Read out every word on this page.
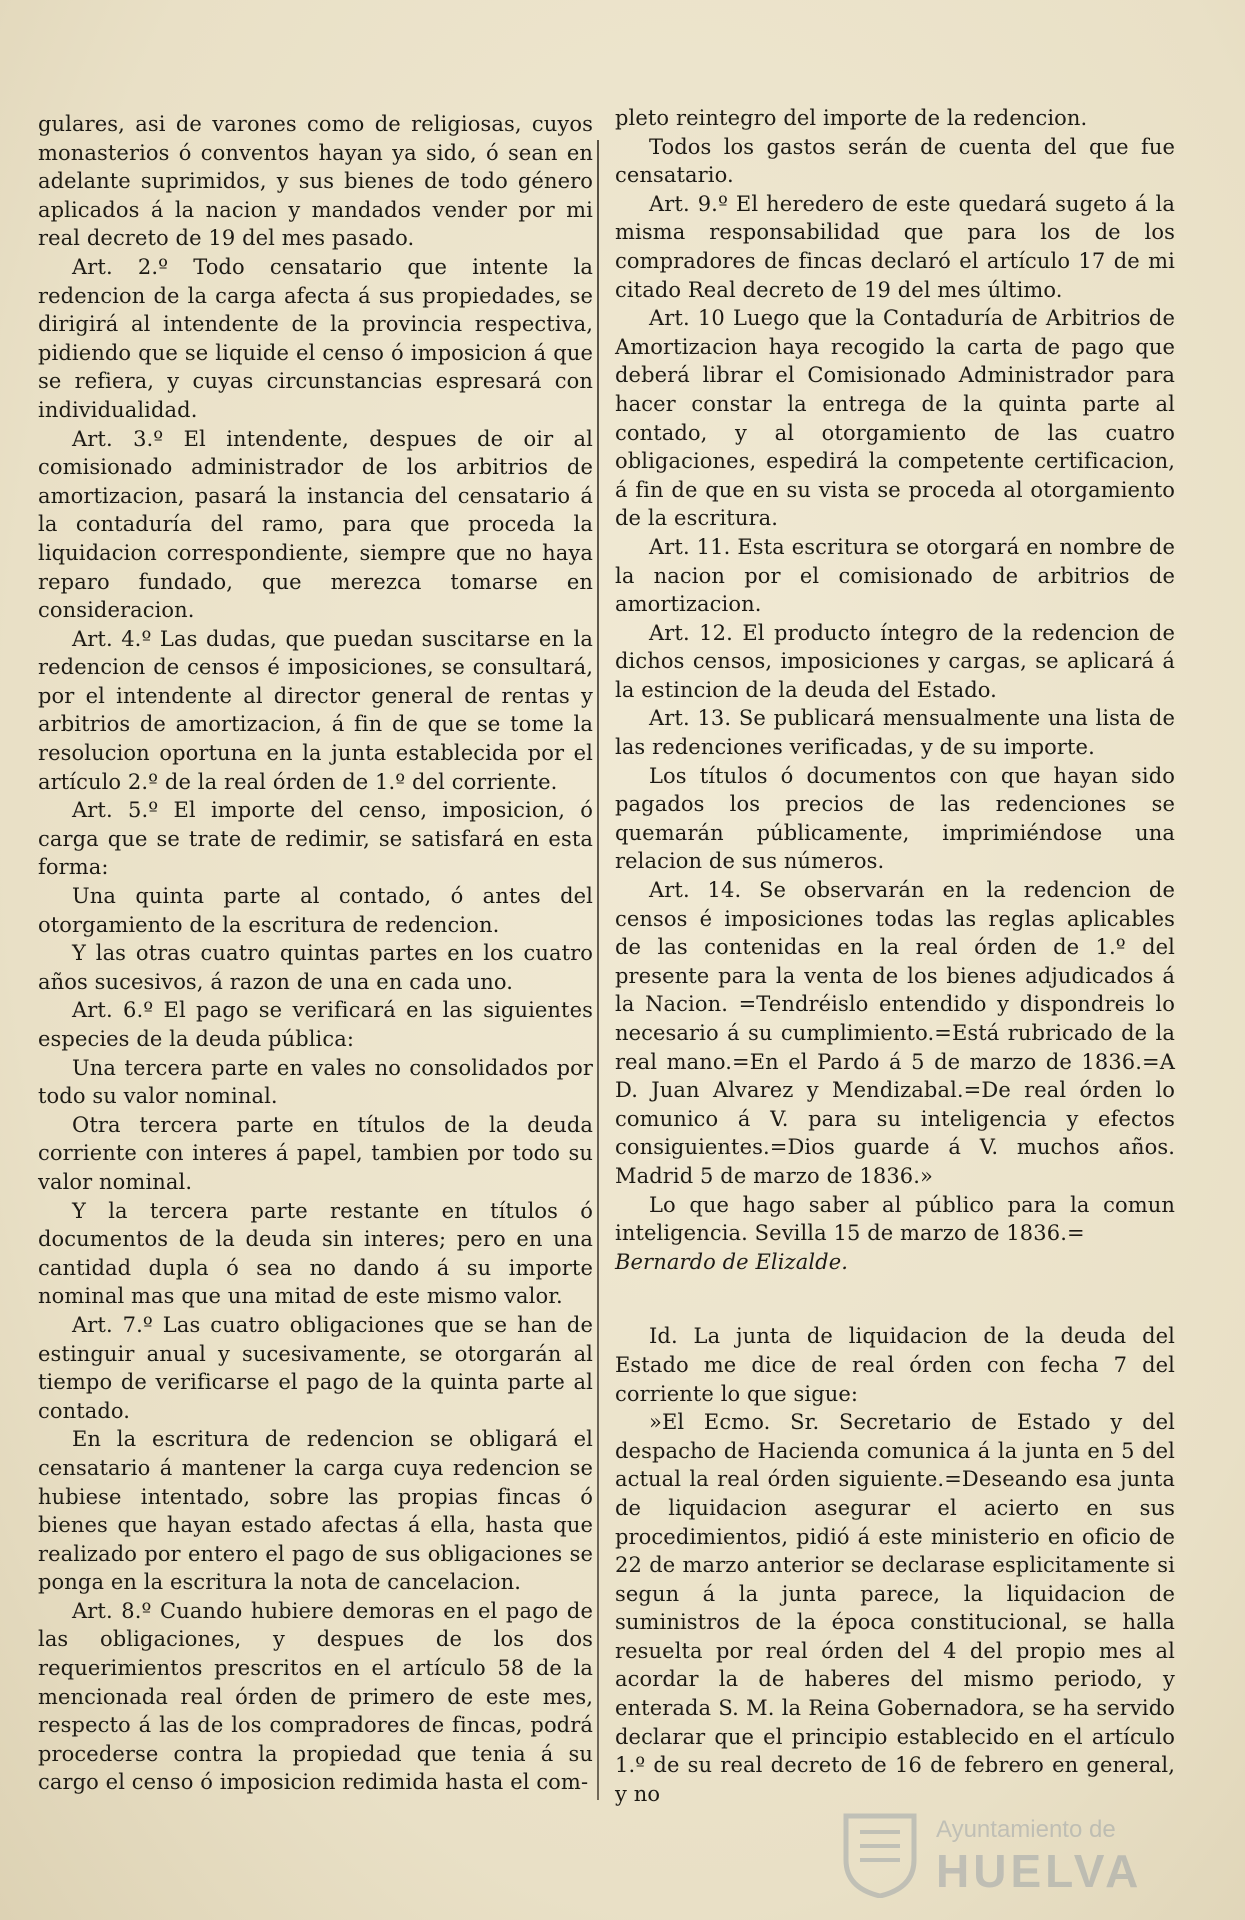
gulares, asi de varones como de religiosas, cuyos monasterios ó conventos hayan ya sido, ó sean en adelante suprimidos, y sus bienes de todo género aplicados á la nacion y mandados vender por mi real decreto de 19 del mes pasado.

Art. 2.º Todo censatario que intente la redencion de la carga afecta á sus propiedades, se dirigirá al intendente de la provincia respectiva, pidiendo que se liquide el censo ó imposicion á que se refiera, y cuyas circunstancias espresará con individualidad.

Art. 3.º El intendente, despues de oir al comisionado administrador de los arbitrios de amortizacion, pasará la instancia del censatario á la contaduría del ramo, para que proceda la liquidacion correspondiente, siempre que no haya reparo fundado, que merezca tomarse en consideracion.

Art. 4.º Las dudas, que puedan suscitarse en la redencion de censos é imposiciones, se consultará, por el intendente al director general de rentas y arbitrios de amortizacion, á fin de que se tome la resolucion oportuna en la junta establecida por el artículo 2.º de la real órden de 1.º del corriente.

Art. 5.º El importe del censo, imposicion, ó carga que se trate de redimir, se satisfará en esta forma:

Una quinta parte al contado, ó antes del otorgamiento de la escritura de redencion.

Y las otras cuatro quintas partes en los cuatro años sucesivos, á razon de una en cada uno.

Art. 6.º El pago se verificará en las siguientes especies de la deuda pública:

Una tercera parte en vales no consolidados por todo su valor nominal.

Otra tercera parte en títulos de la deuda corriente con interes á papel, tambien por todo su valor nominal.

Y la tercera parte restante en títulos ó documentos de la deuda sin interes; pero en una cantidad dupla ó sea no dando á su importe nominal mas que una mitad de este mismo valor.

Art. 7.º Las cuatro obligaciones que se han de estinguir anual y sucesivamente, se otorgarán al tiempo de verificarse el pago de la quinta parte al contado.

En la escritura de redencion se obligará el censatario á mantener la carga cuya redencion se hubiese intentado, sobre las propias fincas ó bienes que hayan estado afectas á ella, hasta que realizado por entero el pago de sus obligaciones se ponga en la escritura la nota de cancelacion.

Art. 8.º Cuando hubiere demoras en el pago de las obligaciones, y despues de los dos requerimientos prescritos en el artículo 58 de la mencionada real órden de primero de este mes, respecto á las de los compradores de fincas, podrá procederse contra la propiedad que tenia á su cargo el censo ó imposicion redimida hasta el com-

pleto reintegro del importe de la redencion.

Todos los gastos serán de cuenta del que fue censatario.

Art. 9.º El heredero de este quedará sugeto á la misma responsabilidad que para los de los compradores de fincas declaró el artículo 17 de mi citado Real decreto de 19 del mes último.

Art. 10 Luego que la Contaduría de Arbitrios de Amortizacion haya recogido la carta de pago que deberá librar el Comisionado Administrador para hacer constar la entrega de la quinta parte al contado, y al otorgamiento de las cuatro obligaciones, espedirá la competente certificacion, á fin de que en su vista se proceda al otorgamiento de la escritura.

Art. 11. Esta escritura se otorgará en nombre de la nacion por el comisionado de arbitrios de amortizacion.

Art. 12. El producto íntegro de la redencion de dichos censos, imposiciones y cargas, se aplicará á la estincion de la deuda del Estado.

Art. 13. Se publicará mensualmente una lista de las redenciones verificadas, y de su importe.

Los títulos ó documentos con que hayan sido pagados los precios de las redenciones se quemarán públicamente, imprimiéndose una relacion de sus números.

Art. 14. Se observarán en la redencion de censos é imposiciones todas las reglas aplicables de las contenidas en la real órden de 1.º del presente para la venta de los bienes adjudicados á la Nacion. =Tendréislo entendido y dispondreis lo necesario á su cumplimiento.=Está rubricado de la real mano.=En el Pardo á 5 de marzo de 1836.=A D. Juan Alvarez y Mendizabal.=De real órden lo comunico á V. para su inteligencia y efectos consiguientes.=Dios guarde á V. muchos años. Madrid 5 de marzo de 1836.»

Lo que hago saber al público para la comun inteligencia. Sevilla 15 de marzo de 1836.=

Bernardo de Elizalde.

Id. La junta de liquidacion de la deuda del Estado me dice de real órden con fecha 7 del corriente lo que sigue:

»El Ecmo. Sr. Secretario de Estado y del despacho de Hacienda comunica á la junta en 5 del actual la real órden siguiente.=Deseando esa junta de liquidacion asegurar el acierto en sus procedimientos, pidió á este ministerio en oficio de 22 de marzo anterior se declarase esplicitamente si segun á la junta parece, la liquidacion de suministros de la época constitucional, se halla resuelta por real órden del 4 del propio mes al acordar la de haberes del mismo periodo, y enterada S. M. la Reina Gobernadora, se ha servido declarar que el principio establecido en el artículo 1.º de su real decreto de 16 de febrero en general, y no

Ayuntamiento de
HUELVA
